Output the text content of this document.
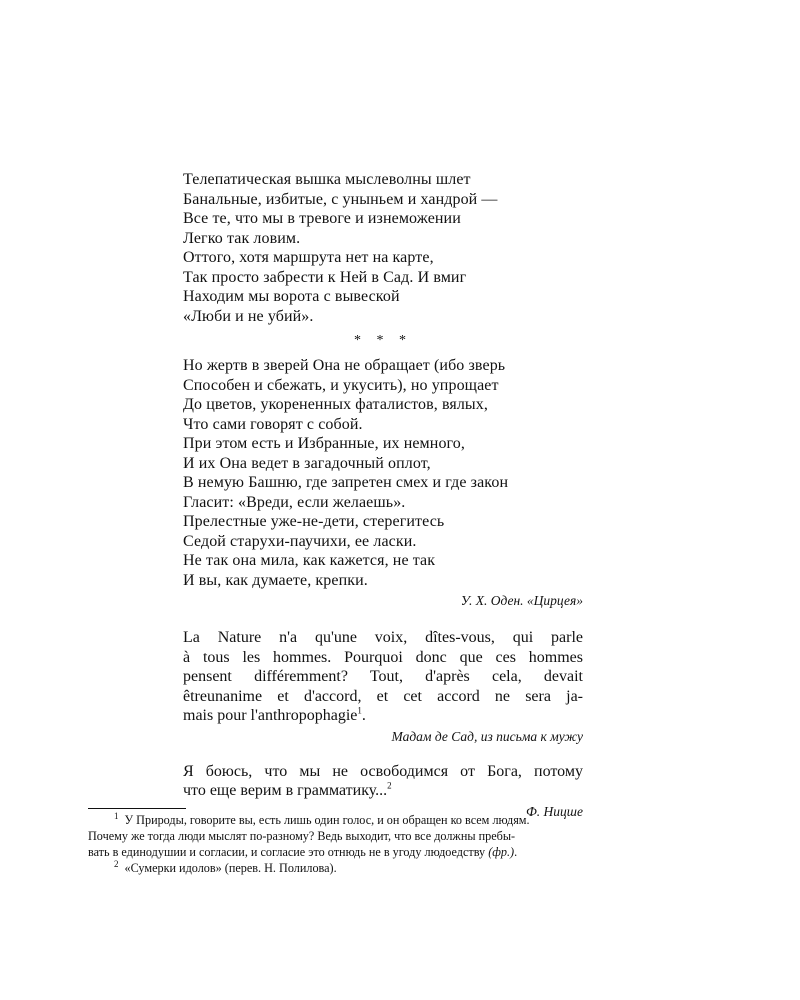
Телепатическая вышка мыслеволны шлет
Банальные, избитые, с уныньем и хандрой —
Все те, что мы в тревоге и изнеможении
Легко так ловим.
Оттого, хотя маршрута нет на карте,
Так просто забрести к Ней в Сад. И вмиг
Находим мы ворота с вывеской
«Люби и не убий».
* * *
Но жертв в зверей Она не обращает (ибо зверь
Способен и сбежать, и укусить), но упрощает
До цветов, укорененных фаталистов, вялых,
Что сами говорят с собой.
При этом есть и Избранные, их немного,
И их Она ведет в загадочный оплот,
В немую Башню, где запретен смех и где закон
Гласит: «Вреди, если желаешь».
Прелестные уже-не-дети, стерегитесь
Седой старухи-паучихи, ее ласки.
Не так она мила, как кажется, не так
И вы, как думаете, крепки.
У. Х. Оден. «Цирцея»
La Nature n'a qu'une voix, dîtes-vous, qui parle
à tous les hommes. Pourquoi donc que ces hommes
pensent différemment? Tout, d'après cela, devait
êtreunanime et d'accord, et cet accord ne sera ja-
mais pour l'anthropophagie$^1$.
Мадам де Сад, из письма к мужу
Я боюсь, что мы не освободимся от Бога, потому
что еще верим в грамматику...$^2$
Ф. Ницше
$^1$ У Природы, говорите вы, есть лишь один голос, и он обращен ко всем людям.
Почему же тогда люди мыслят по-разному? Ведь выходит, что все должны пребы-
вать в единодушии и согласии, и согласие это отнюдь не в угоду людоедству (фр.).
$^2$ «Сумерки идолов» (перев. Н. Полилова).
